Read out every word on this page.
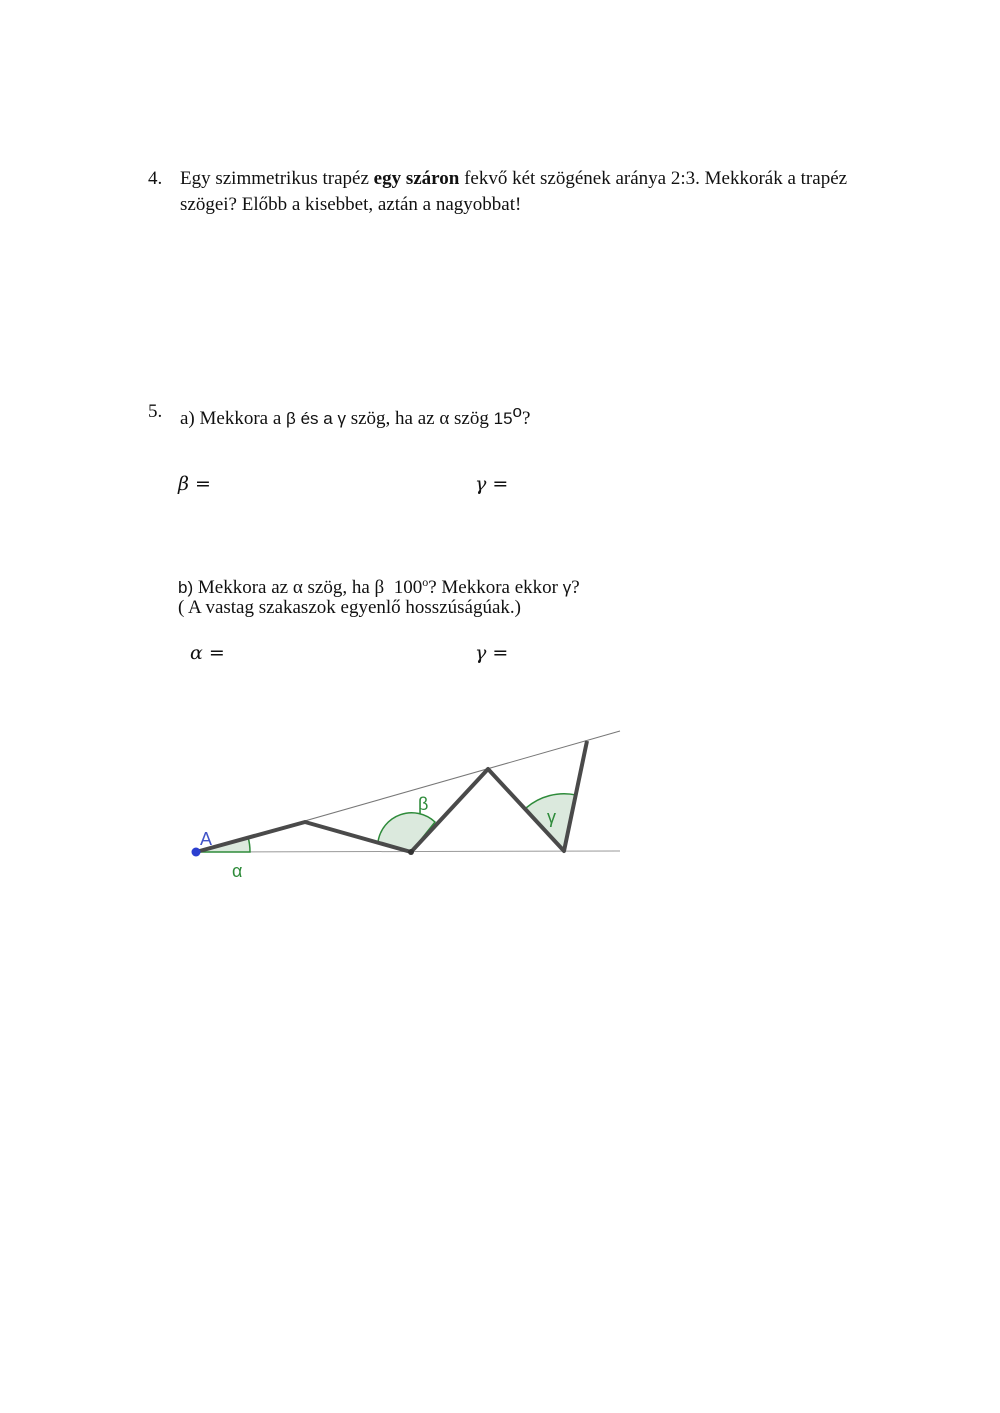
4. Egy szimmetrikus trapéz egy száron fekvő két szögének aránya 2:3. Mekkorák a trapéz
szögei? Előbb a kisebbet, aztán a nagyobbat!
5. a) Mekkora a β és a γ szög, ha az α szög 15$^o$?
β =	γ =
b) Mekkora az α szög, ha β 100$^o$? Mekkora ekkor γ?
( A vastag szakaszok egyenlő hosszúságúak.)
α =	γ =
A
α
β
γ
